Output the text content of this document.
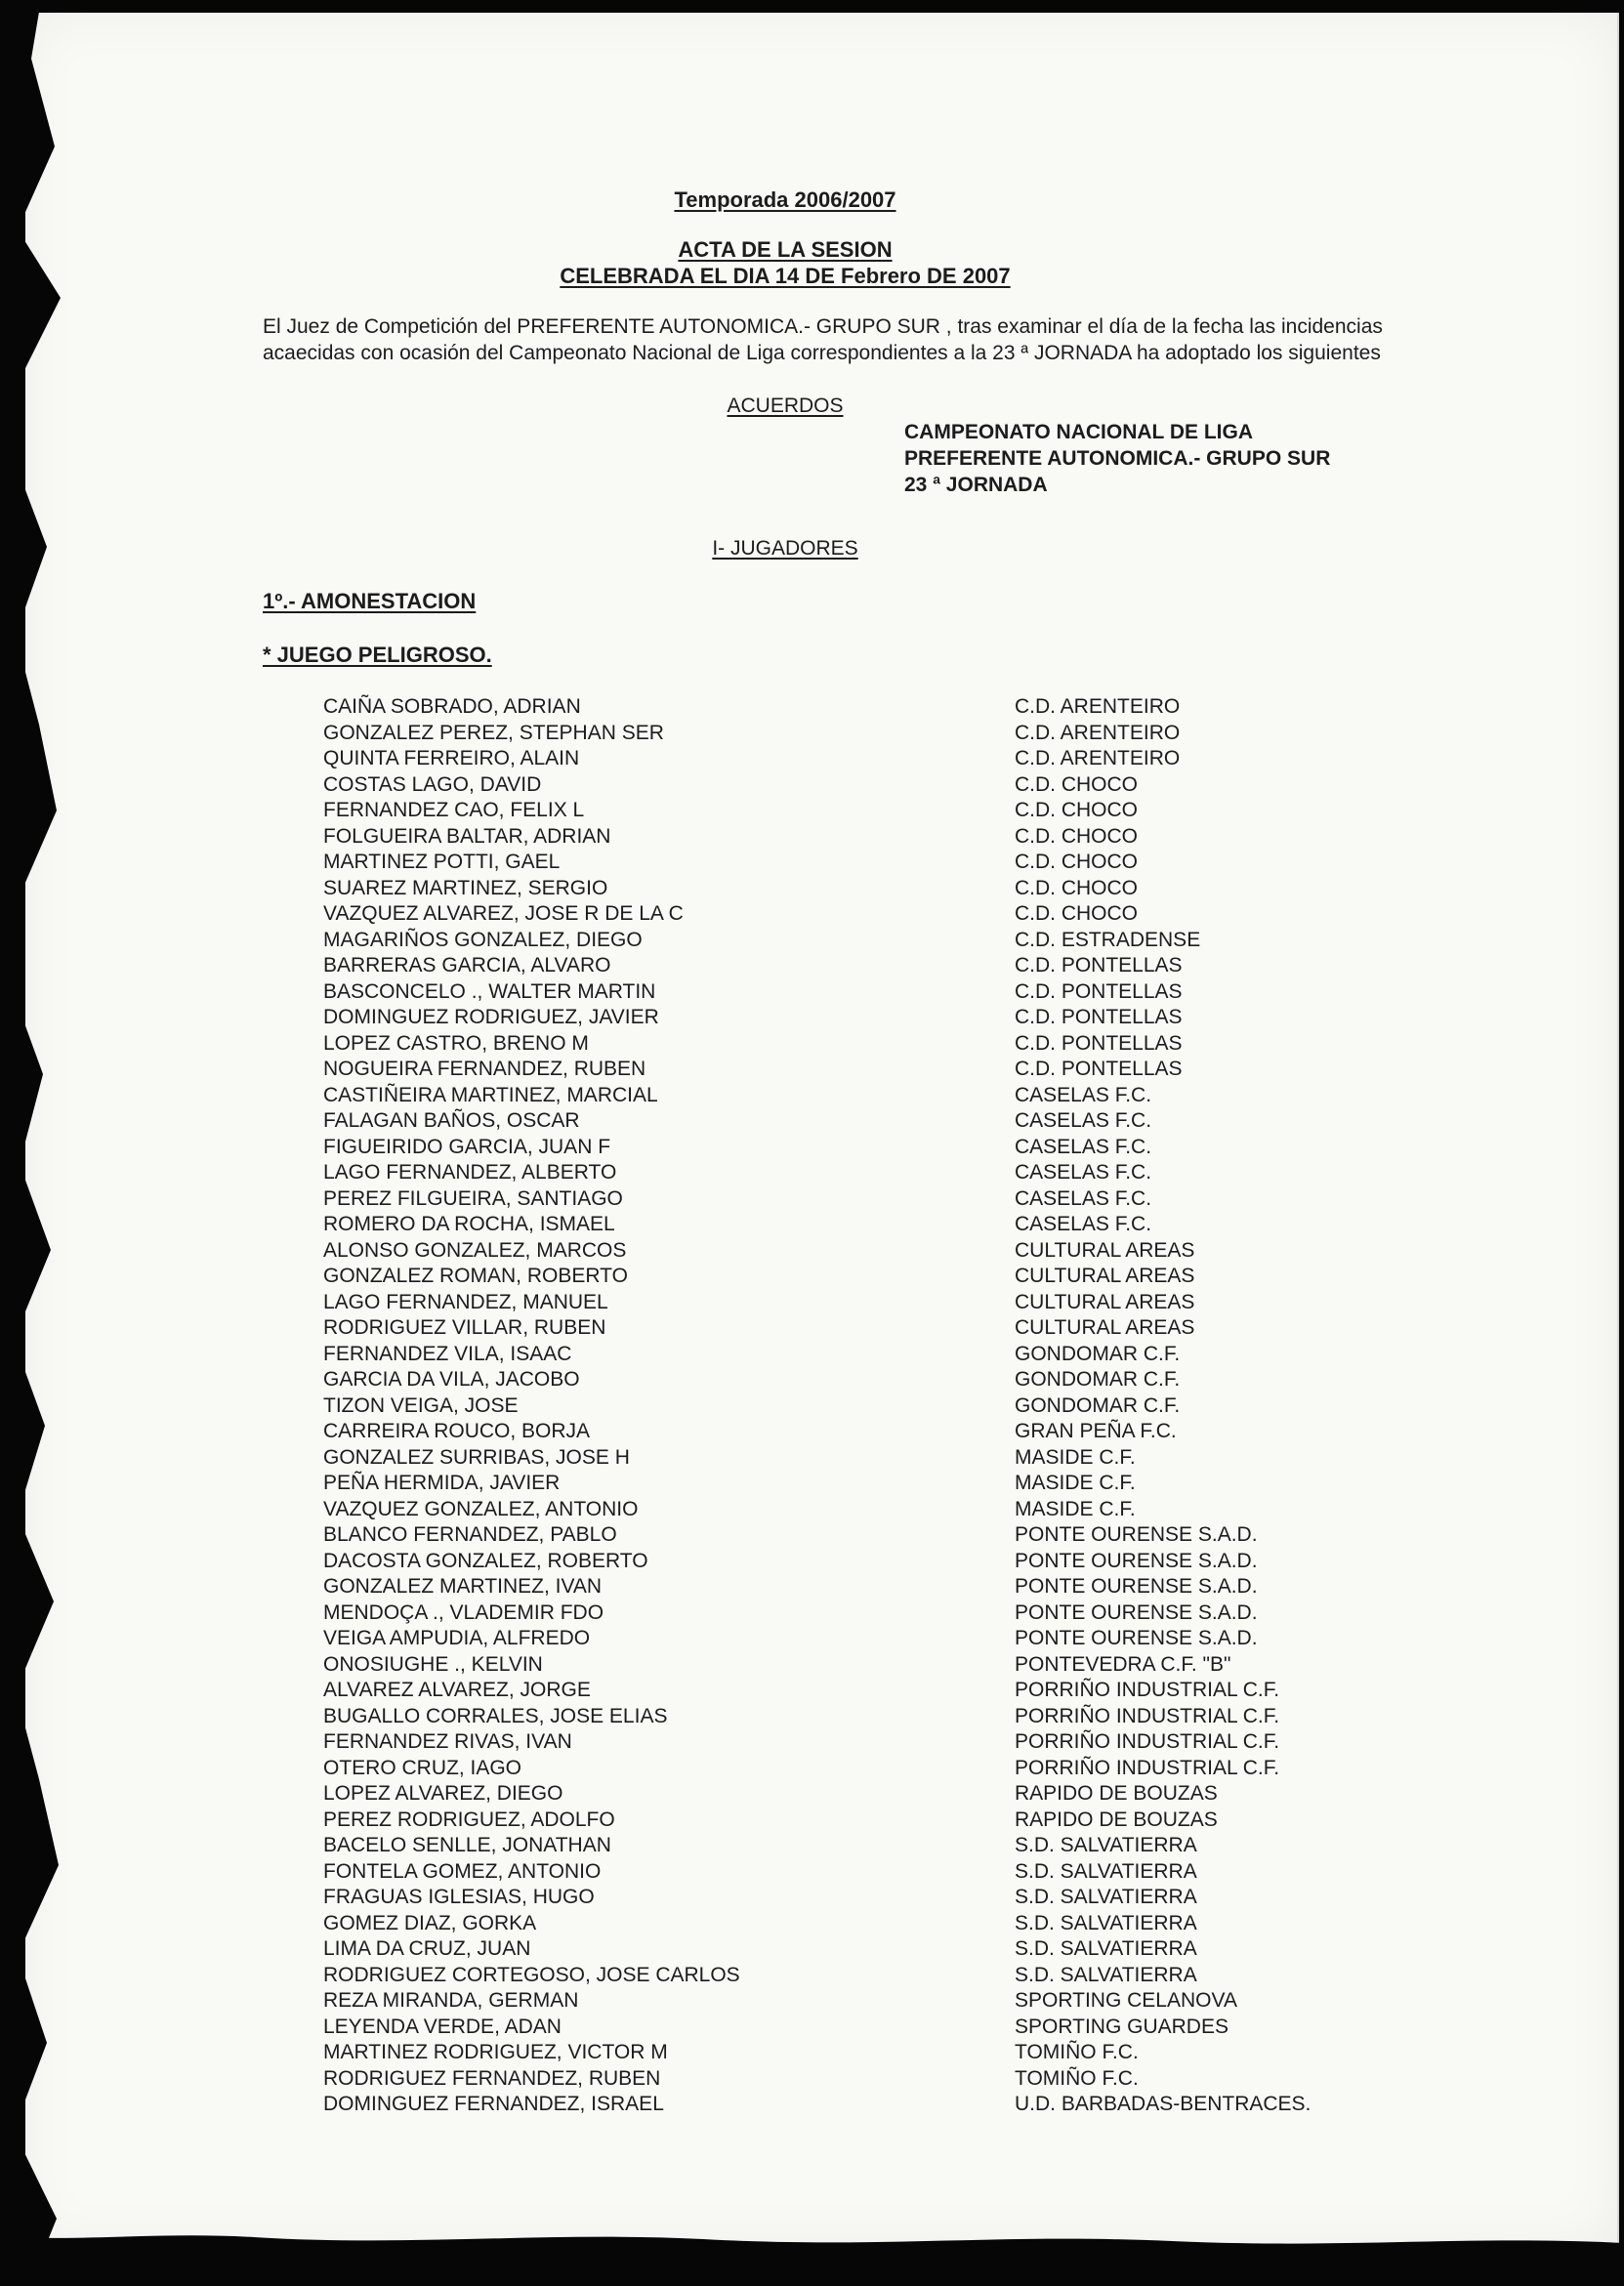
Temporada 2006/2007
ACTA DE LA SESION
CELEBRADA EL DIA 14 DE Febrero DE 2007
El Juez de Competición del PREFERENTE AUTONOMICA.- GRUPO SUR , tras examinar el día de la fecha las incidencias
acaecidas con ocasión del Campeonato Nacional de Liga correspondientes a la 23 ª JORNADA ha adoptado los siguientes
ACUERDOS
CAMPEONATO NACIONAL DE LIGA
PREFERENTE AUTONOMICA.- GRUPO SUR
23 ª JORNADA
I- JUGADORES
1º.- AMONESTACION
* JUEGO PELIGROSO.
CAIÑA SOBRADO, ADRIAN	C.D. ARENTEIRO
GONZALEZ PEREZ, STEPHAN SER	C.D. ARENTEIRO
QUINTA FERREIRO, ALAIN	C.D. ARENTEIRO
COSTAS LAGO, DAVID	C.D. CHOCO
FERNANDEZ CAO, FELIX L	C.D. CHOCO
FOLGUEIRA BALTAR, ADRIAN	C.D. CHOCO
MARTINEZ POTTI, GAEL	C.D. CHOCO
SUAREZ MARTINEZ, SERGIO	C.D. CHOCO
VAZQUEZ ALVAREZ, JOSE R DE LA C	C.D. CHOCO
MAGARIÑOS GONZALEZ, DIEGO	C.D. ESTRADENSE
BARRERAS GARCIA, ALVARO	C.D. PONTELLAS
BASCONCELO ., WALTER MARTIN	C.D. PONTELLAS
DOMINGUEZ RODRIGUEZ, JAVIER	C.D. PONTELLAS
LOPEZ CASTRO, BRENO M	C.D. PONTELLAS
NOGUEIRA FERNANDEZ, RUBEN	C.D. PONTELLAS
CASTIÑEIRA MARTINEZ, MARCIAL	CASELAS F.C.
FALAGAN BAÑOS, OSCAR	CASELAS F.C.
FIGUEIRIDO GARCIA, JUAN F	CASELAS F.C.
LAGO FERNANDEZ, ALBERTO	CASELAS F.C.
PEREZ FILGUEIRA, SANTIAGO	CASELAS F.C.
ROMERO DA ROCHA, ISMAEL	CASELAS F.C.
ALONSO GONZALEZ, MARCOS	CULTURAL AREAS
GONZALEZ ROMAN, ROBERTO	CULTURAL AREAS
LAGO FERNANDEZ, MANUEL	CULTURAL AREAS
RODRIGUEZ VILLAR, RUBEN	CULTURAL AREAS
FERNANDEZ VILA, ISAAC	GONDOMAR C.F.
GARCIA DA VILA, JACOBO	GONDOMAR C.F.
TIZON VEIGA, JOSE	GONDOMAR C.F.
CARREIRA ROUCO, BORJA	GRAN PEÑA F.C.
GONZALEZ SURRIBAS, JOSE H	MASIDE C.F.
PEÑA HERMIDA, JAVIER	MASIDE C.F.
VAZQUEZ GONZALEZ, ANTONIO	MASIDE C.F.
BLANCO FERNANDEZ, PABLO	PONTE OURENSE S.A.D.
DACOSTA GONZALEZ, ROBERTO	PONTE OURENSE S.A.D.
GONZALEZ MARTINEZ, IVAN	PONTE OURENSE S.A.D.
MENDOÇA ., VLADEMIR FDO	PONTE OURENSE S.A.D.
VEIGA AMPUDIA, ALFREDO	PONTE OURENSE S.A.D.
ONOSIUGHE ., KELVIN	PONTEVEDRA C.F. "B"
ALVAREZ ALVAREZ, JORGE	PORRIÑO INDUSTRIAL C.F.
BUGALLO CORRALES, JOSE ELIAS	PORRIÑO INDUSTRIAL C.F.
FERNANDEZ RIVAS, IVAN	PORRIÑO INDUSTRIAL C.F.
OTERO CRUZ, IAGO	PORRIÑO INDUSTRIAL C.F.
LOPEZ ALVAREZ, DIEGO	RAPIDO DE BOUZAS
PEREZ RODRIGUEZ, ADOLFO	RAPIDO DE BOUZAS
BACELO SENLLE, JONATHAN	S.D. SALVATIERRA
FONTELA GOMEZ, ANTONIO	S.D. SALVATIERRA
FRAGUAS IGLESIAS, HUGO	S.D. SALVATIERRA
GOMEZ DIAZ, GORKA	S.D. SALVATIERRA
LIMA DA CRUZ, JUAN	S.D. SALVATIERRA
RODRIGUEZ CORTEGOSO, JOSE CARLOS	S.D. SALVATIERRA
REZA MIRANDA, GERMAN	SPORTING CELANOVA
LEYENDA VERDE, ADAN	SPORTING GUARDES
MARTINEZ RODRIGUEZ, VICTOR M	TOMIÑO F.C.
RODRIGUEZ FERNANDEZ, RUBEN	TOMIÑO F.C.
DOMINGUEZ FERNANDEZ, ISRAEL	U.D. BARBADAS-BENTRACES.
